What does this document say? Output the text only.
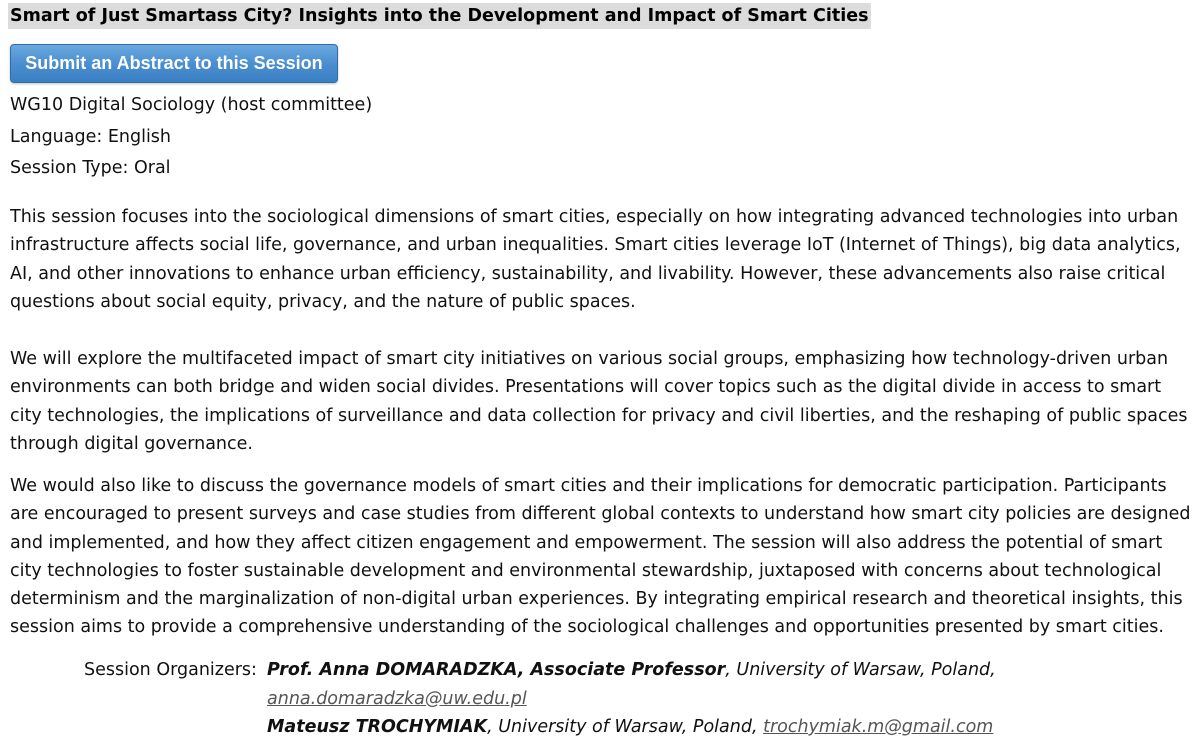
Smart of Just Smartass City? Insights into the Development and Impact of Smart Cities
Submit an Abstract to this Session
WG10 Digital Sociology (host committee)
Language: English
Session Type: Oral

This session focuses into the sociological dimensions of smart cities, especially on how integrating advanced technologies into urban infrastructure affects social life, governance, and urban inequalities. Smart cities leverage IoT (Internet of Things), big data analytics, AI, and other innovations to enhance urban efficiency, sustainability, and livability. However, these advancements also raise critical questions about social equity, privacy, and the nature of public spaces.

We will explore the multifaceted impact of smart city initiatives on various social groups, emphasizing how technology-driven urban environments can both bridge and widen social divides. Presentations will cover topics such as the digital divide in access to smart city technologies, the implications of surveillance and data collection for privacy and civil liberties, and the reshaping of public spaces through digital governance.

We would also like to discuss the governance models of smart cities and their implications for democratic participation. Participants are encouraged to present surveys and case studies from different global contexts to understand how smart city policies are designed and implemented, and how they affect citizen engagement and empowerment. The session will also address the potential of smart city technologies to foster sustainable development and environmental stewardship, juxtaposed with concerns about technological determinism and the marginalization of non-digital urban experiences. By integrating empirical research and theoretical insights, this session aims to provide a comprehensive understanding of the sociological challenges and opportunities presented by smart cities.

Session Organizers: Prof. Anna DOMARADZKA, Associate Professor, University of Warsaw, Poland,
anna.domaradzka@uw.edu.pl
Mateusz TROCHYMIAK, University of Warsaw, Poland, trochymiak.m@gmail.com
